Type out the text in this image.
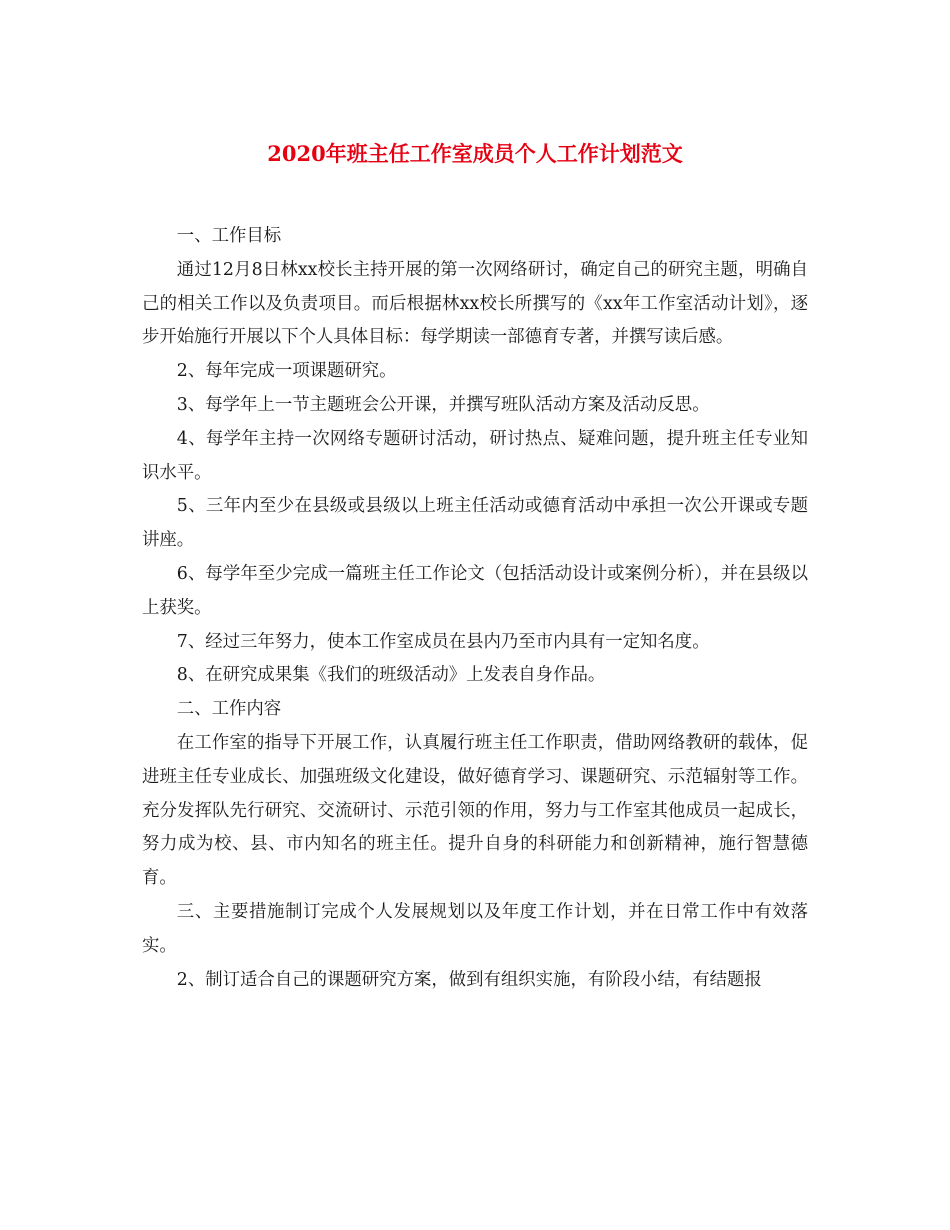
2020年班主任工作室成员个人工作计划范文

一、工作目标

通过12月8日林xx校长主持开展的第一次网络研讨，确定自己的研究主题，明确自己的相关工作以及负责项目。而后根据林xx校长所撰写的《xx年工作室活动计划》，逐步开始施行开展以下个人具体目标：每学期读一部德育专著，并撰写读后感。

2、每年完成一项课题研究。

3、每学年上一节主题班会公开课，并撰写班队活动方案及活动反思。

4、每学年主持一次网络专题研讨活动，研讨热点、疑难问题，提升班主任专业知识水平。

5、三年内至少在县级或县级以上班主任活动或德育活动中承担一次公开课或专题讲座。

6、每学年至少完成一篇班主任工作论文（包括活动设计或案例分析），并在县级以上获奖。

7、经过三年努力，使本工作室成员在县内乃至市内具有一定知名度。

8、在研究成果集《我们的班级活动》上发表自身作品。

二、工作内容

在工作室的指导下开展工作，认真履行班主任工作职责，借助网络教研的载体，促进班主任专业成长、加强班级文化建设，做好德育学习、课题研究、示范辐射等工作。充分发挥队先行研究、交流研讨、示范引领的作用，努力与工作室其他成员一起成长，努力成为校、县、市内知名的班主任。提升自身的科研能力和创新精神，施行智慧德育。

三、主要措施制订完成个人发展规划以及年度工作计划，并在日常工作中有效落实。

2、制订适合自己的课题研究方案，做到有组织实施，有阶段小结，有结题报
